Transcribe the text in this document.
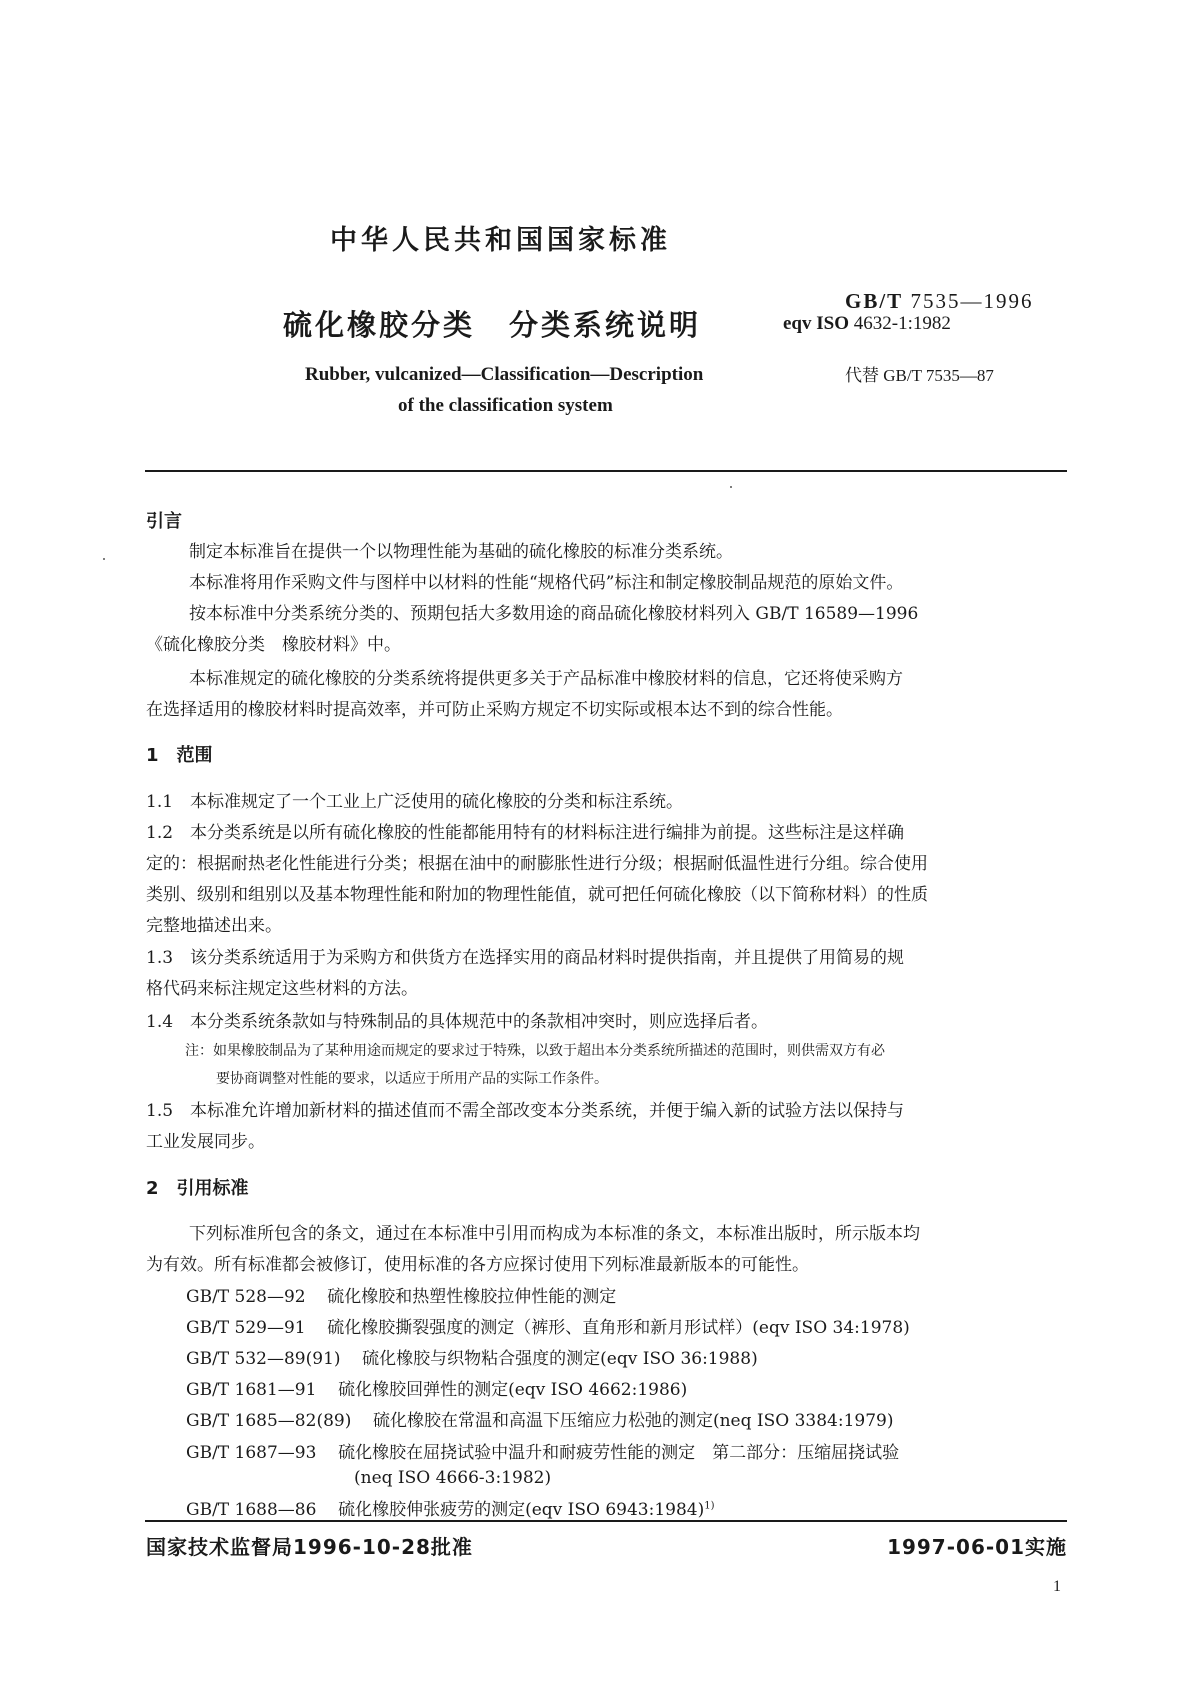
中华人民共和国国家标准
硫化橡胶分类 分类系统说明
GB/T 7535—1996
eqv ISO 4632-1:1982
代替 GB/T 7535—87
Rubber, vulcanized—Classification—Description
of the classification system
引言
制定本标准旨在提供一个以物理性能为基础的硫化橡胶的标准分类系统。
本标准将用作采购文件与图样中以材料的性能“规格代码”标注和制定橡胶制品规范的原始文件。
按本标准中分类系统分类的、预期包括大多数用途的商品硫化橡胶材料列入 GB/T 16589—1996
《硫化橡胶分类　橡胶材料》中。
本标准规定的硫化橡胶的分类系统将提供更多关于产品标准中橡胶材料的信息，它还将使采购方
在选择适用的橡胶材料时提高效率，并可防止采购方规定不切实际或根本达不到的综合性能。
1　范围
1.1　本标准规定了一个工业上广泛使用的硫化橡胶的分类和标注系统。
1.2　本分类系统是以所有硫化橡胶的性能都能用特有的材料标注进行编排为前提。这些标注是这样确
定的：根据耐热老化性能进行分类；根据在油中的耐膨胀性进行分级；根据耐低温性进行分组。综合使用
类别、级别和组别以及基本物理性能和附加的物理性能值，就可把任何硫化橡胶（以下简称材料）的性质
完整地描述出来。
1.3　该分类系统适用于为采购方和供货方在选择实用的商品材料时提供指南，并且提供了用简易的规
格代码来标注规定这些材料的方法。
1.4　本分类系统条款如与特殊制品的具体规范中的条款相冲突时，则应选择后者。
注：如果橡胶制品为了某种用途而规定的要求过于特殊，以致于超出本分类系统所描述的范围时，则供需双方有必
要协商调整对性能的要求，以适应于所用产品的实际工作条件。
1.5　本标准允许增加新材料的描述值而不需全部改变本分类系统，并便于编入新的试验方法以保持与
工业发展同步。
2　引用标准
下列标准所包含的条文，通过在本标准中引用而构成为本标准的条文，本标准出版时，所示版本均
为有效。所有标准都会被修订，使用标准的各方应探讨使用下列标准最新版本的可能性。
GB/T 528—92 硫化橡胶和热塑性橡胶拉伸性能的测定
GB/T 529—91 硫化橡胶撕裂强度的测定（裤形、直角形和新月形试样）(eqv ISO 34:1978)
GB/T 532—89(91) 硫化橡胶与织物粘合强度的测定(eqv ISO 36:1988)
GB/T 1681—91 硫化橡胶回弹性的测定(eqv ISO 4662:1986)
GB/T 1685—82(89) 硫化橡胶在常温和高温下压缩应力松弛的测定(neq ISO 3384:1979)
GB/T 1687—93 硫化橡胶在屈挠试验中温升和耐疲劳性能的测定　第二部分：压缩屈挠试验
(neq ISO 4666-3:1982)
GB/T 1688—86 硫化橡胶伸张疲劳的测定(eqv ISO 6943:1984)$^{1)}$
国家技术监督局1996-10-28批准	1997-06-01实施
1
